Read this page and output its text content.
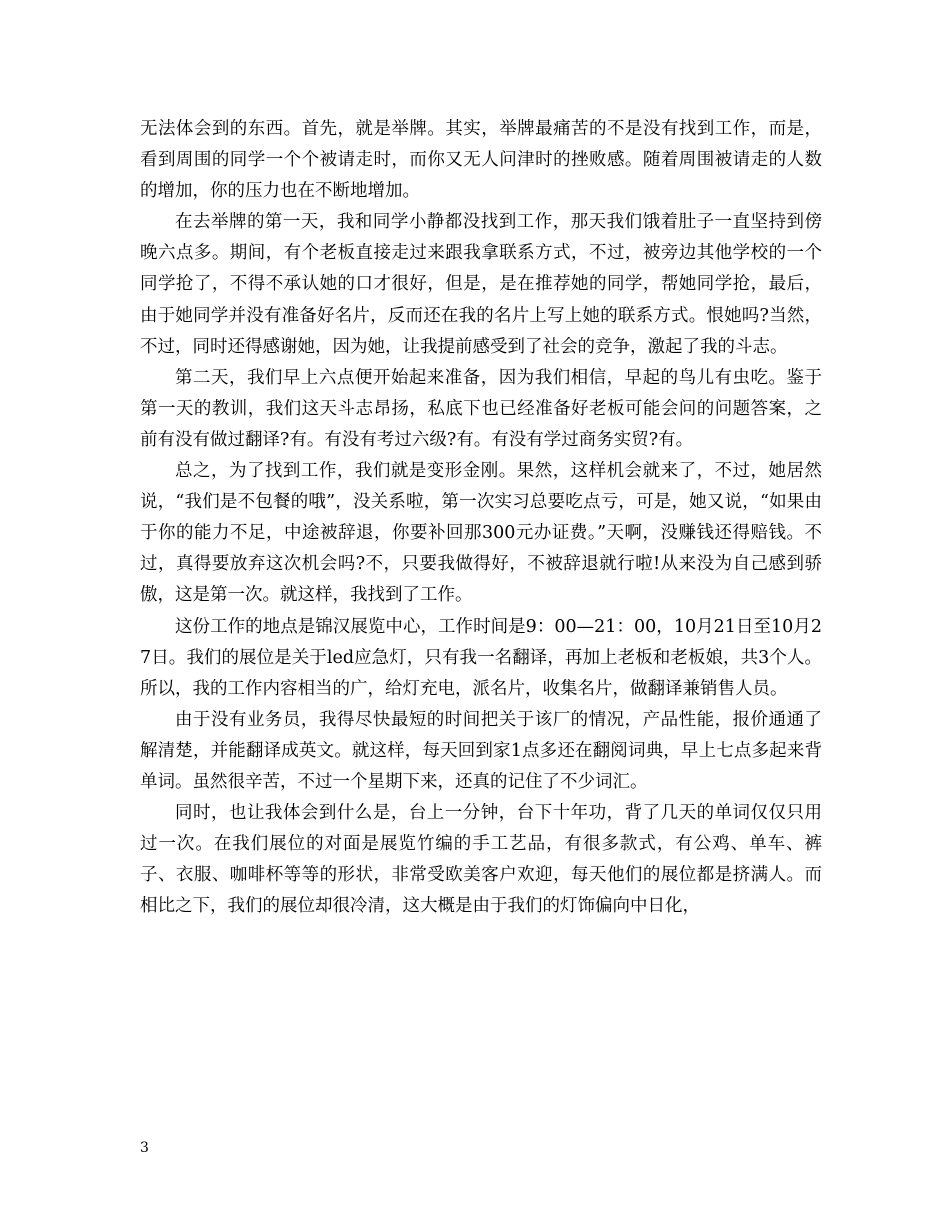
无法体会到的东西。首先，就是举牌。其实，举牌最痛苦的不是没有找到工作，而是，看到周围的同学一个个被请走时，而你又无人问津时的挫败感。随着周围被请走的人数的增加，你的压力也在不断地增加。

在去举牌的第一天，我和同学小静都没找到工作，那天我们饿着肚子一直坚持到傍晚六点多。期间，有个老板直接走过来跟我拿联系方式，不过，被旁边其他学校的一个同学抢了，不得不承认她的口才很好，但是，是在推荐她的同学，帮她同学抢，最后，由于她同学并没有准备好名片，反而还在我的名片上写上她的联系方式。恨她吗?当然，不过，同时还得感谢她，因为她，让我提前感受到了社会的竞争，激起了我的斗志。

第二天，我们早上六点便开始起来准备，因为我们相信，早起的鸟儿有虫吃。鉴于第一天的教训，我们这天斗志昂扬，私底下也已经准备好老板可能会问的问题答案，之前有没有做过翻译?有。有没有考过六级?有。有没有学过商务实贸?有。

总之，为了找到工作，我们就是变形金刚。果然，这样机会就来了，不过，她居然说，“我们是不包餐的哦”，没关系啦，第一次实习总要吃点亏，可是，她又说，“如果由于你的能力不足，中途被辞退，你要补回那300元办证费。”天啊，没赚钱还得赔钱。不过，真得要放弃这次机会吗?不，只要我做得好，不被辞退就行啦!从来没为自己感到骄傲，这是第一次。就这样，我找到了工作。

这份工作的地点是锦汉展览中心，工作时间是9：00—21：00，10月21日至10月27日。我们的展位是关于led应急灯，只有我一名翻译，再加上老板和老板娘，共3个人。所以，我的工作内容相当的广，给灯充电，派名片，收集名片，做翻译兼销售人员。

由于没有业务员，我得尽快最短的时间把关于该厂的情况，产品性能，报价通通了解清楚，并能翻译成英文。就这样，每天回到家1点多还在翻阅词典，早上七点多起来背单词。虽然很辛苦，不过一个星期下来，还真的记住了不少词汇。

同时，也让我体会到什么是，台上一分钟，台下十年功，背了几天的单词仅仅只用过一次。在我们展位的对面是展览竹编的手工艺品，有很多款式，有公鸡、单车、裤子、衣服、咖啡杯等等的形状，非常受欧美客户欢迎，每天他们的展位都是挤满人。而相比之下，我们的展位却很冷清，这大概是由于我们的灯饰偏向中日化，

3
